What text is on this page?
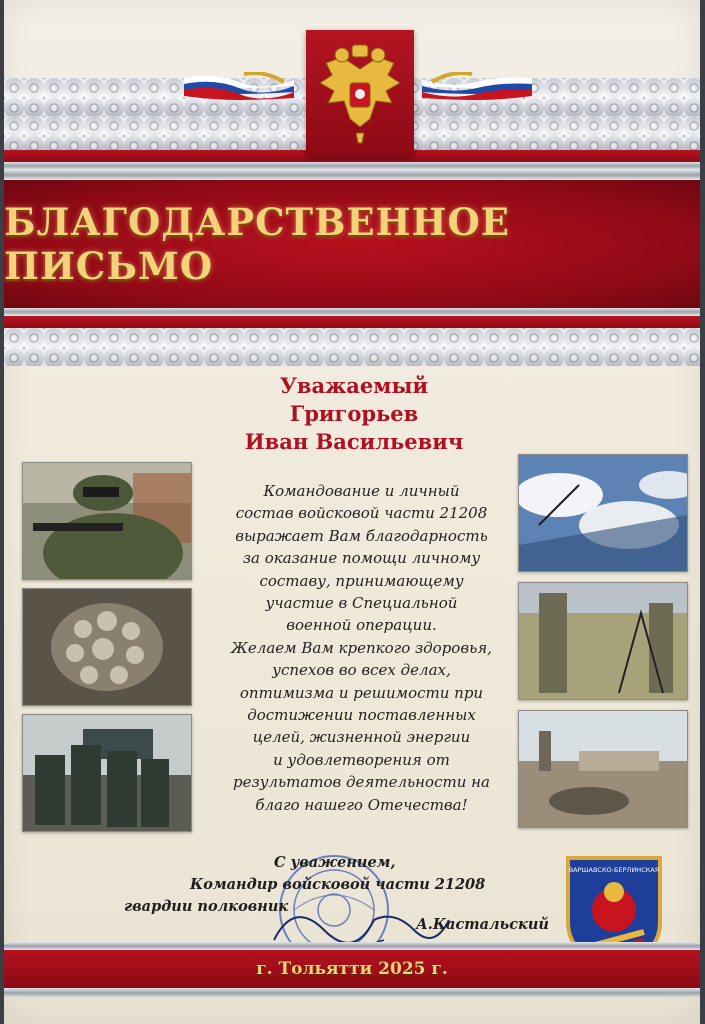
БЛАГОДАРСТВЕННОЕ ПИСЬМО
Уважаемый
Григорьев
Иван Васильевич
Командование и личный
состав войсковой части 21208
выражает Вам благодарность
за оказание помощи личному
составу, принимающему
участие в Специальной
военной операции.
Желаем Вам крепкого здоровья,
успехов во всех делах,
оптимизма и решимости при
достижении поставленных
целей, жизненной энергии
и удовлетворения от
результатов деятельности на
благо нашего Отечества!
С уважением,
Командир войсковой части 21208
гвардии полковник
А.Кастальский
ВАРШАВСКО-БЕРЛИНСКАЯ
г. Тольятти 2025 г.
